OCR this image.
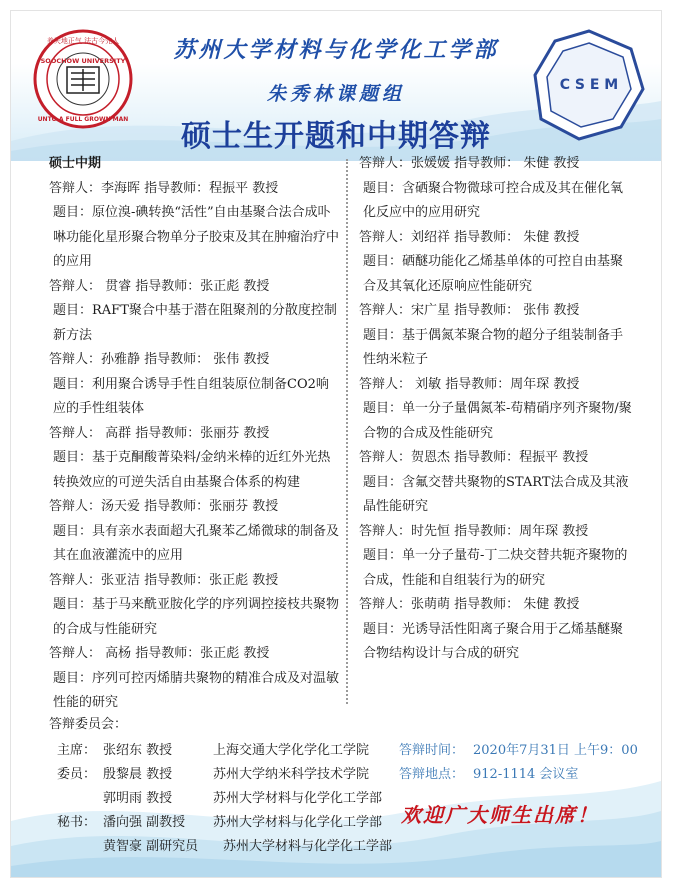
养天地正气 法古今完人
SOOCHOW UNIVERSITY
UNTO A FULL GROWN MAN
C S E M
苏州大学材料与化学化工学部
朱秀林课题组
硕士生开题和中期答辩
硕士中期
答辩人：李海晖 指导教师：程振平 教授
题目：原位溴-碘转换“活性”自由基聚合法合成卟啉功能化星形聚合物单分子胶束及其在肿瘤治疗中的应用
答辩人： 贯睿 指导教师：张正彪 教授
题目：RAFT聚合中基于潜在阻聚剂的分散度控制新方法
答辩人：孙雅静 指导教师： 张伟 教授
题目：利用聚合诱导手性自组装原位制备CO2响应的手性组装体
答辩人： 高群 指导教师：张丽芬 教授
题目：基于克酮酸菁染料/金纳米棒的近红外光热转换效应的可逆失活自由基聚合体系的构建
答辩人：汤天爱 指导教师：张丽芬 教授
题目：具有亲水表面超大孔聚苯乙烯微球的制备及其在血液灌流中的应用
答辩人：张亚洁 指导教师：张正彪 教授
题目：基于马来酰亚胺化学的序列调控接枝共聚物的合成与性能研究
答辩人： 高杨 指导教师：张正彪 教授
题目：序列可控丙烯腈共聚物的精准合成及对温敏性能的研究
答辩人：张媛媛 指导教师： 朱健 教授
题目：含硒聚合物微球可控合成及其在催化氧化反应中的应用研究
答辩人：刘绍祥 指导教师： 朱健 教授
题目：硒醚功能化乙烯基单体的可控自由基聚合及其氧化还原响应性能研究
答辩人：宋广星 指导教师： 张伟 教授
题目：基于偶氮苯聚合物的超分子组装制备手性纳米粒子
答辩人： 刘敏 指导教师：周年琛 教授
题目：单一分子量偶氮苯-苟精硝序列齐聚物/聚合物的合成及性能研究
答辩人：贺恩杰 指导教师：程振平 教授
题目：含氟交替共聚物的START法合成及其液晶性能研究
答辩人：时先恒 指导教师：周年琛 教授
题目：单一分子量苟-丁二炔交替共轭齐聚物的合成，性能和自组装行为的研究
答辩人：张萌萌 指导教师： 朱健 教授
题目：光诱导活性阳离子聚合用于乙烯基醚聚合物结构设计与合成的研究
答辩委员会：
主席： 张绍东 教授	上海交通大学化学化工学院
委员： 殷黎晨 教授	苏州大学纳米科学技术学院
郭明雨 教授	苏州大学材料与化学化工学部
秘书： 潘向强 副教授 苏州大学材料与化学化工学部
黄智豪 副研究员 苏州大学材料与化学化工学部
答辩时间： 2020年7月31日 上午9：00
答辩地点： 912-1114 会议室
欢迎广大师生出席！
